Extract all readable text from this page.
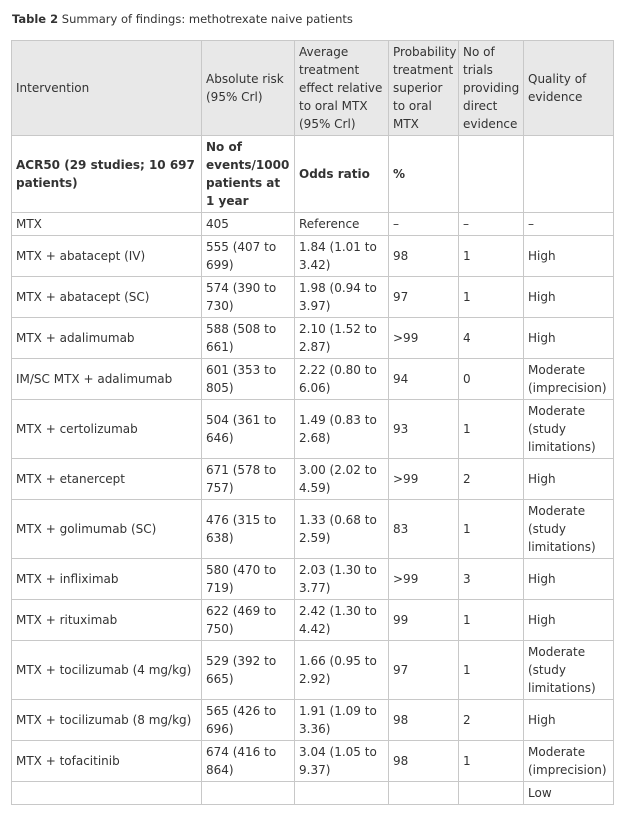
Table 2 Summary of findings: methotrexate naive patients
Intervention	Absolute risk (95% Crl)	Average treatment effect relative to oral MTX (95% Crl)	Probability treatment superior to oral MTX	No of trials providing direct evidence	Quality of evidence
ACR50 (29 studies; 10 697 patients)	No of events/1000 patients at 1 year	Odds ratio	%		
MTX	405	Reference	–	–	–
MTX + abatacept (IV)	555 (407 to 699)	1.84 (1.01 to 3.42)	98	1	High
MTX + abatacept (SC)	574 (390 to 730)	1.98 (0.94 to 3.97)	97	1	High
MTX + adalimumab	588 (508 to 661)	2.10 (1.52 to 2.87)	>99	4	High
IM/SC MTX + adalimumab	601 (353 to 805)	2.22 (0.80 to 6.06)	94	0	Moderate (imprecision)
MTX + certolizumab	504 (361 to 646)	1.49 (0.83 to 2.68)	93	1	Moderate (study limitations)
MTX + etanercept	671 (578 to 757)	3.00 (2.02 to 4.59)	>99	2	High
MTX + golimumab (SC)	476 (315 to 638)	1.33 (0.68 to 2.59)	83	1	Moderate (study limitations)
MTX + infliximab	580 (470 to 719)	2.03 (1.30 to 3.77)	>99	3	High
MTX + rituximab	622 (469 to 750)	2.42 (1.30 to 4.42)	99	1	High
MTX + tocilizumab (4 mg/kg)	529 (392 to 665)	1.66 (0.95 to 2.92)	97	1	Moderate (study limitations)
MTX + tocilizumab (8 mg/kg)	565 (426 to 696)	1.91 (1.09 to 3.36)	98	2	High
MTX + tofacitinib	674 (416 to 864)	3.04 (1.05 to 9.37)	98	1	Moderate (imprecision)
					Low
